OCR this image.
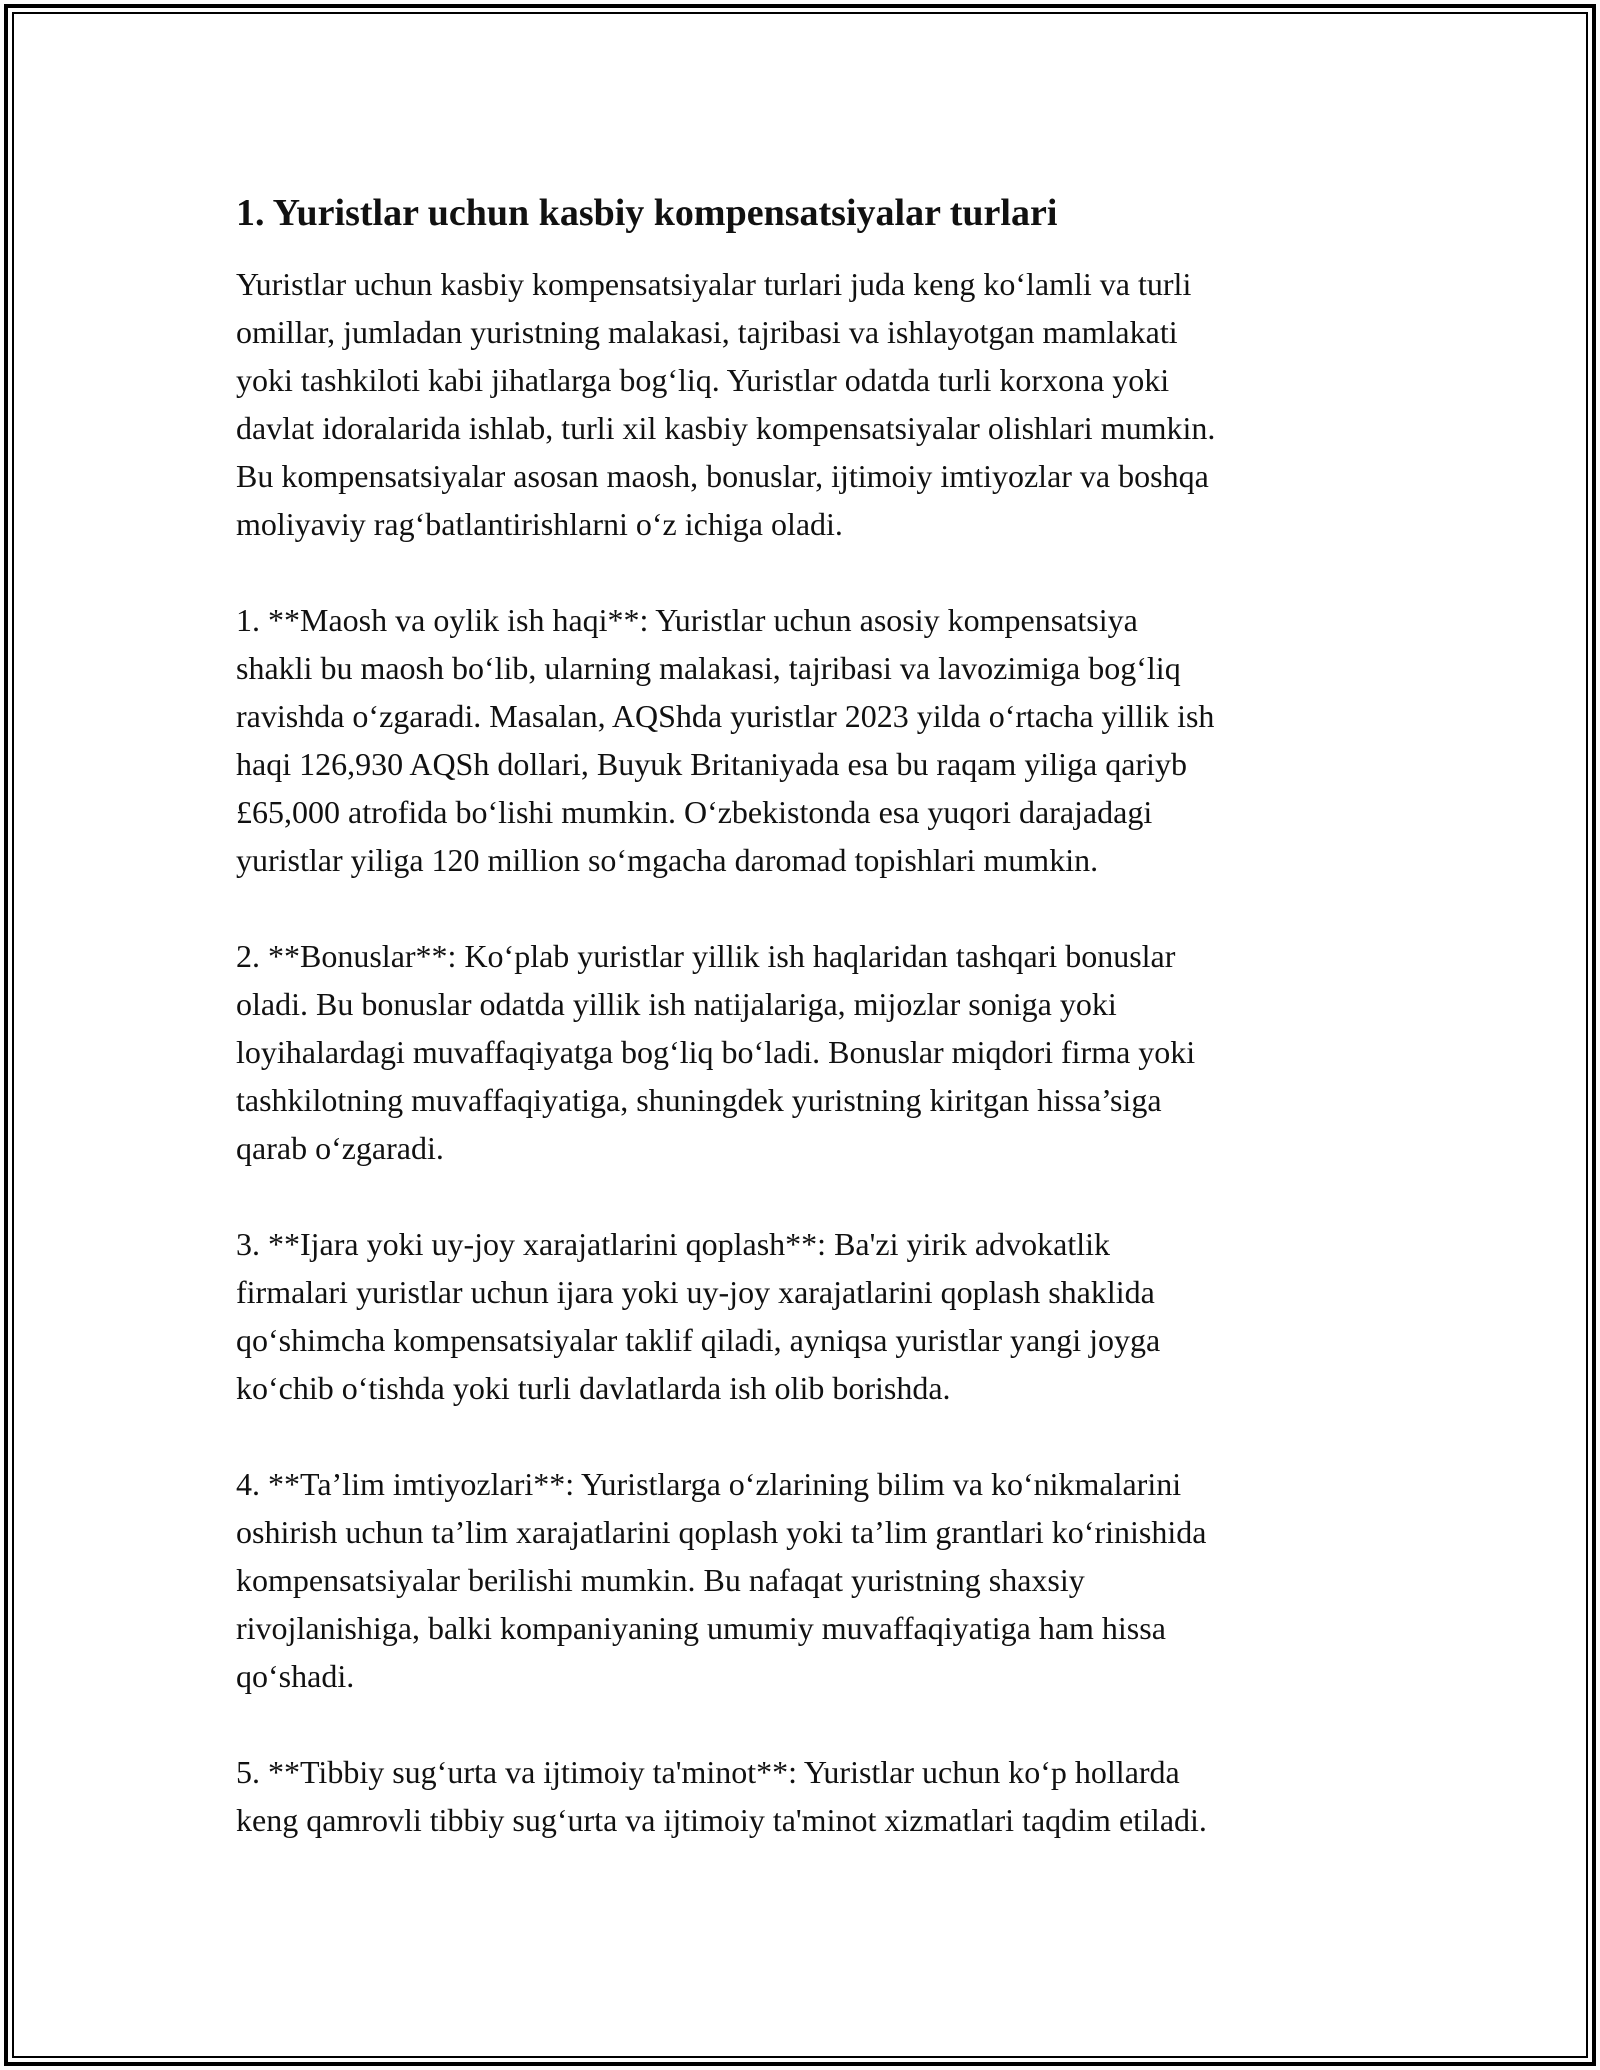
1. Yuristlar uchun kasbiy kompensatsiyalar turlari

Yuristlar uchun kasbiy kompensatsiyalar turlari juda keng ko‘lamli va turli
omillar, jumladan yuristning malakasi, tajribasi va ishlayotgan mamlakati
yoki tashkiloti kabi jihatlarga bog‘liq. Yuristlar odatda turli korxona yoki
davlat idoralarida ishlab, turli xil kasbiy kompensatsiyalar olishlari mumkin.
Bu kompensatsiyalar asosan maosh, bonuslar, ijtimoiy imtiyozlar va boshqa
moliyaviy rag‘batlantirishlarni o‘z ichiga oladi.

1. **Maosh va oylik ish haqi**: Yuristlar uchun asosiy kompensatsiya
shakli bu maosh bo‘lib, ularning malakasi, tajribasi va lavozimiga bog‘liq
ravishda o‘zgaradi. Masalan, AQShda yuristlar 2023 yilda o‘rtacha yillik ish
haqi 126,930 AQSh dollari, Buyuk Britaniyada esa bu raqam yiliga qariyb
£65,000 atrofida bo‘lishi mumkin. O‘zbekistonda esa yuqori darajadagi
yuristlar yiliga 120 million so‘mgacha daromad topishlari mumkin.

2. **Bonuslar**: Ko‘plab yuristlar yillik ish haqlaridan tashqari bonuslar
oladi. Bu bonuslar odatda yillik ish natijalariga, mijozlar soniga yoki
loyihalardagi muvaffaqiyatga bog‘liq bo‘ladi. Bonuslar miqdori firma yoki
tashkilotning muvaffaqiyatiga, shuningdek yuristning kiritgan hissa’siga
qarab o‘zgaradi.

3. **Ijara yoki uy-joy xarajatlarini qoplash**: Ba'zi yirik advokatlik
firmalari yuristlar uchun ijara yoki uy-joy xarajatlarini qoplash shaklida
qo‘shimcha kompensatsiyalar taklif qiladi, ayniqsa yuristlar yangi joyga
ko‘chib o‘tishda yoki turli davlatlarda ish olib borishda.

4. **Ta’lim imtiyozlari**: Yuristlarga o‘zlarining bilim va ko‘nikmalarini
oshirish uchun ta’lim xarajatlarini qoplash yoki ta’lim grantlari ko‘rinishida
kompensatsiyalar berilishi mumkin. Bu nafaqat yuristning shaxsiy
rivojlanishiga, balki kompaniyaning umumiy muvaffaqiyatiga ham hissa
qo‘shadi.

5. **Tibbiy sug‘urta va ijtimoiy ta'minot**: Yuristlar uchun ko‘p hollarda
keng qamrovli tibbiy sug‘urta va ijtimoiy ta'minot xizmatlari taqdim etiladi.
